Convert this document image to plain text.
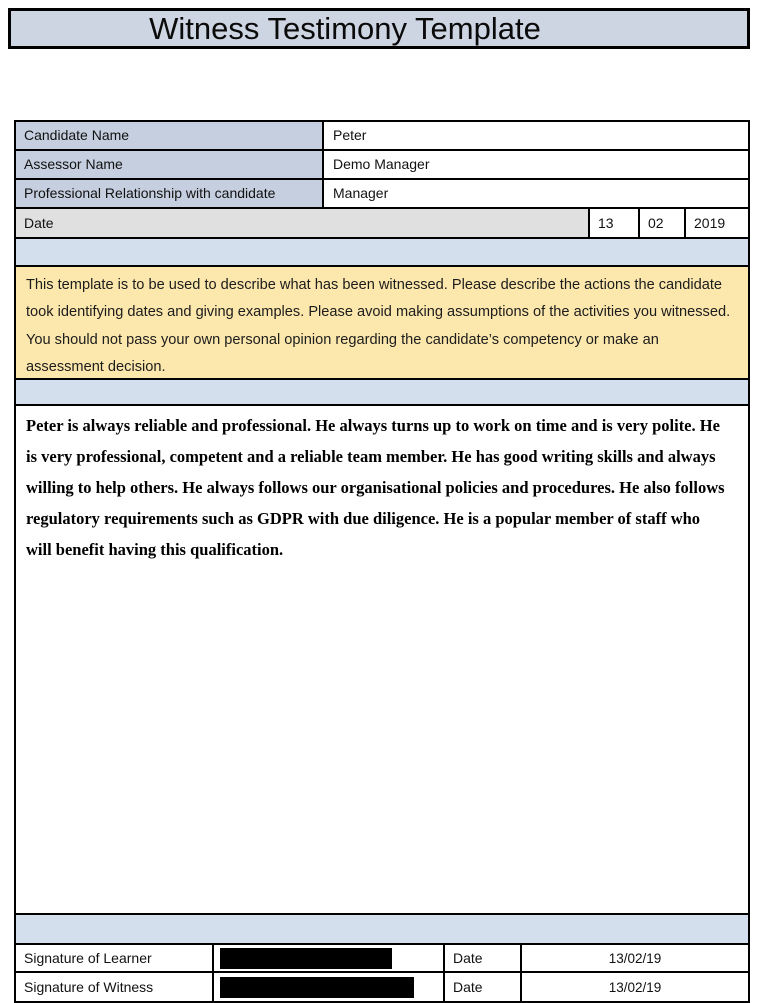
Witness Testimony Template
Candidate Name	Peter
Assessor Name	Demo Manager
Professional Relationship with candidate	Manager
Date	13	02	2019

This template is to be used to describe what has been witnessed. Please describe the actions the candidate took identifying dates and giving examples. Please avoid making assumptions of the activities you witnessed. You should not pass your own personal opinion regarding the candidate’s competency or make an assessment decision.

Peter is always reliable and professional. He always turns up to work on time and is very polite. He is very professional, competent and a reliable team member. He has good writing skills and always willing to help others. He always follows our organisational policies and procedures. He also follows regulatory requirements such as GDPR with due diligence. He is a popular member of staff who will benefit having this qualification.

Signature of Learner	Date	13/02/19
Signature of Witness	Date	13/02/19
